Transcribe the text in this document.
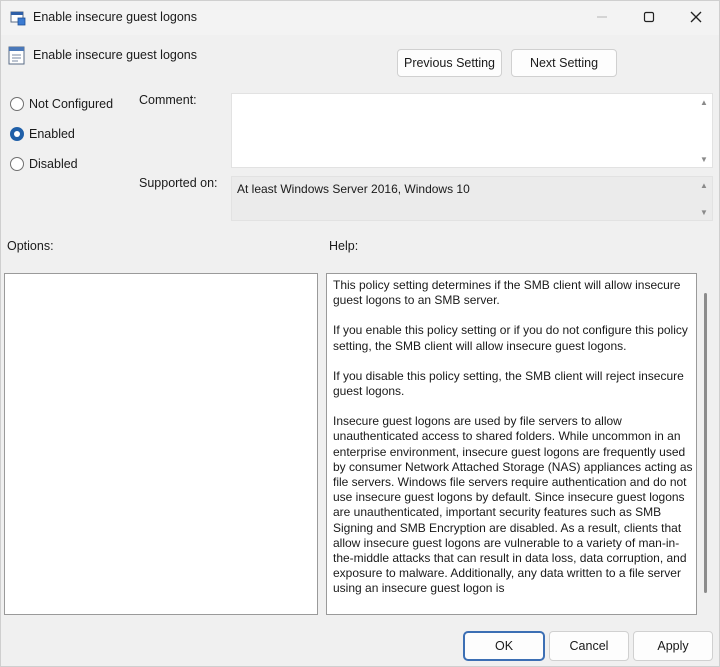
Enable insecure guest logons
Enable insecure guest logons
Previous Setting	Next Setting
Not Configured
Enabled
Disabled
Comment:	▲
▼
Supported on: At least Windows Server 2016, Windows 10	▲
▼
Options:	Help:

This policy setting determines if the SMB client will allow insecure guest logons to an SMB server.

If you enable this policy setting or if you do not configure this policy setting, the SMB client will allow insecure guest logons.

If you disable this policy setting, the SMB client will reject insecure guest logons.

Insecure guest logons are used by file servers to allow unauthenticated access to shared folders. While uncommon in an enterprise environment, insecure guest logons are frequently used by consumer Network Attached Storage (NAS) appliances acting as file servers. Windows file servers require authentication and do not use insecure guest logons by default. Since insecure guest logons are unauthenticated, important security features such as SMB Signing and SMB Encryption are disabled. As a result, clients that allow insecure guest logons are vulnerable to a variety of man-in-the-middle attacks that can result in data loss, data corruption, and exposure to malware. Additionally, any data written to a file server using an insecure guest logon is

OK	Cancel	Apply
